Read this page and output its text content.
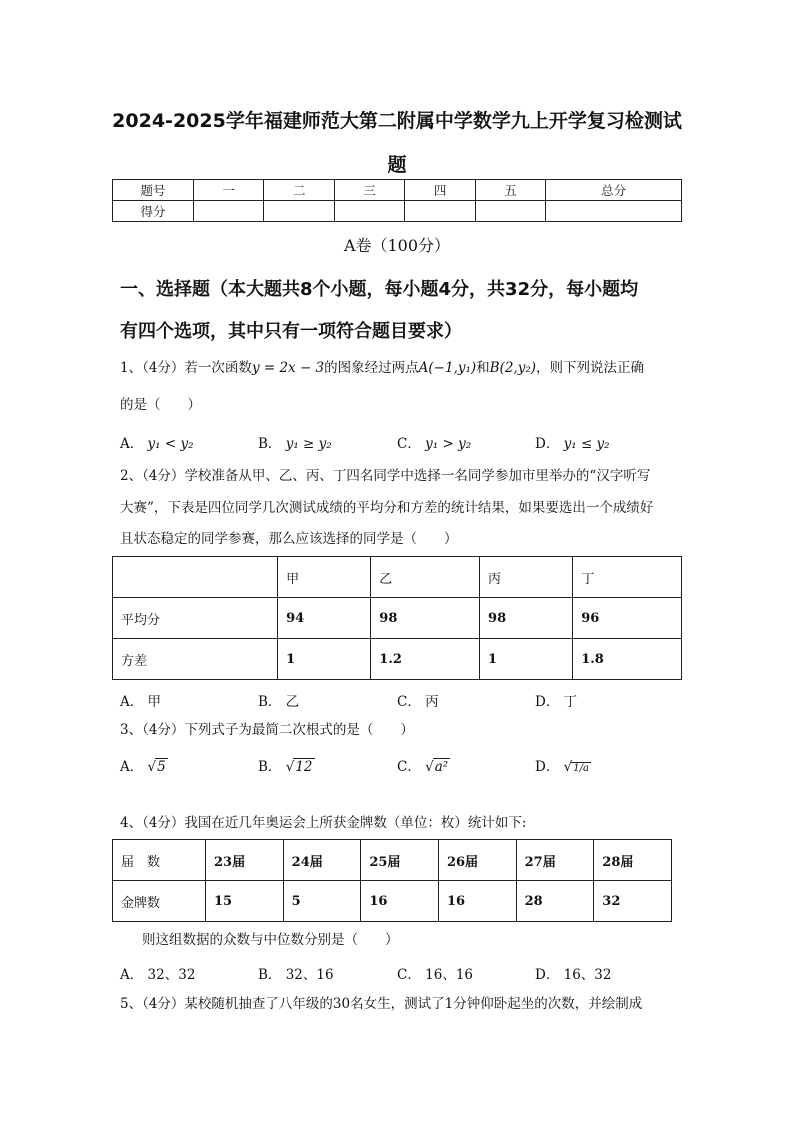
2024-2025学年福建师范大第二附属中学数学九上开学复习检测试
题
题号	一	二	三	四	五	总分
得分						
A卷（100分）
一、选择题（本大题共8个小题，每小题4分，共32分，每小题均
有四个选项，其中只有一项符合题目要求）
1、（4分）若一次函数y = 2x − 3的图象经过两点A(−1,y₁)和B(2,y₂)，则下列说法正确
的是（　　）
A． y₁ < y₂	B． y₁ ≥ y₂	C． y₁ > y₂	D． y₁ ≤ y₂
2、（4分）学校准备从甲、乙、丙、丁四名同学中选择一名同学参加市里举办的“汉字听写
大赛”，下表是四位同学几次测试成绩的平均分和方差的统计结果，如果要选出一个成绩好
且状态稳定的同学参赛，那么应该选择的同学是（　　）
	甲	乙	丙	丁
平均分	94	98	98	96
方差	1	1.2	1	1.8
A． 甲	B． 乙	C． 丙	D． 丁
3、（4分）下列式子为最简二次根式的是（　　）
A． √5	B． √12	C． √a²	D． √1/a
4、（4分）我国在近几年奥运会上所获金牌数（单位：枚）统计如下:
届　数	23届	24届	25届	26届	27届	28届
金牌数	15	5	16	16	28	32
则这组数据的众数与中位数分别是（　　）
A． 32、32	B． 32、16	C． 16、16	D． 16、32
5、（4分）某校随机抽查了八年级的30名女生，测试了1分钟仰卧起坐的次数，并绘制成
